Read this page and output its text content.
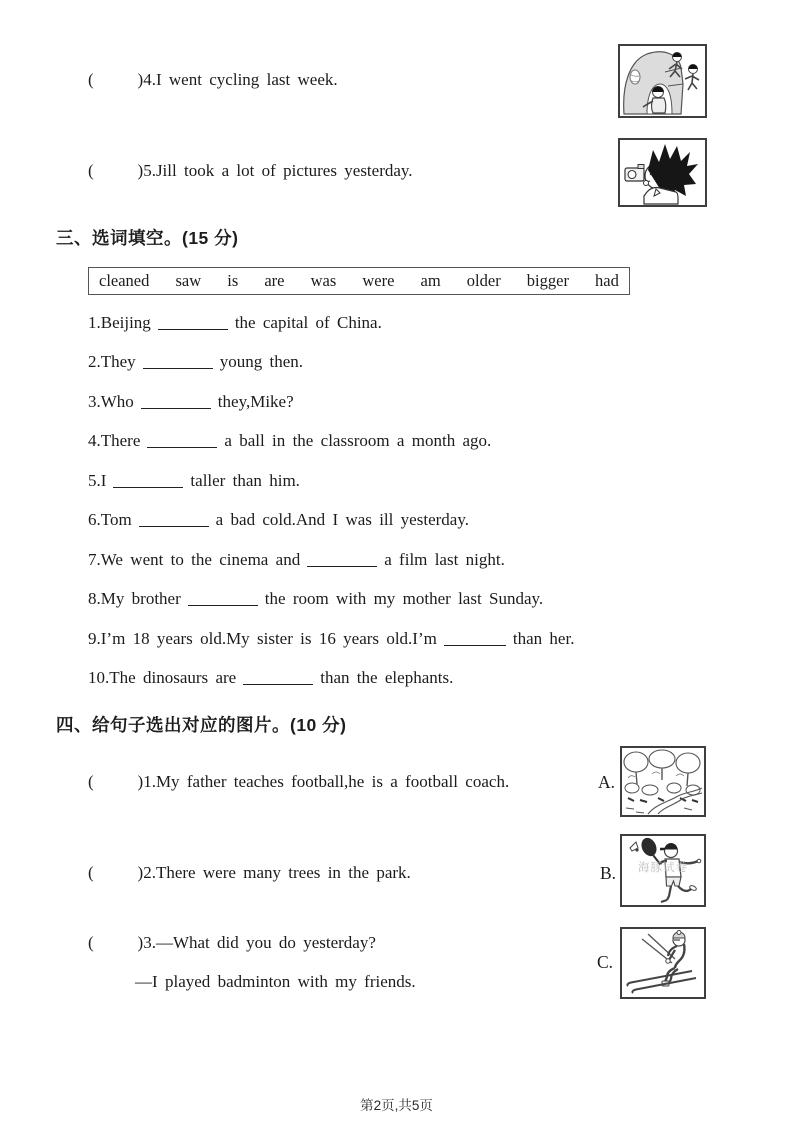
(      )4.I went cycling last week.
(      )5.Jill took a lot of pictures yesterday.
三、选词填空。(15 分)
cleaned saw is are was were am older bigger had
1.Beijing	the capital of China.
2.They	young then.
3.Who	they,Mike?
4.There	a ball in the classroom a month ago.
5.I	taller than him.
6.Tom	a bad cold.And I was ill yesterday.
7.We went to the cinema and	a film last night.
8.My brother	the room with my mother last Sunday.
9.I’m 18 years old.My sister is 16 years old.I’m	than her.
10.The dinosaurs are	than the elephants.
四、给句子选出对应的图片。(10 分)
(      )1.My father teaches football,he is a football coach.	A.
(      )2.There were many trees in the park.	B.	海豚试卷
(      )3.—What did you do yesterday?
—I played badminton with my friends.
C.
第2页,共5页
